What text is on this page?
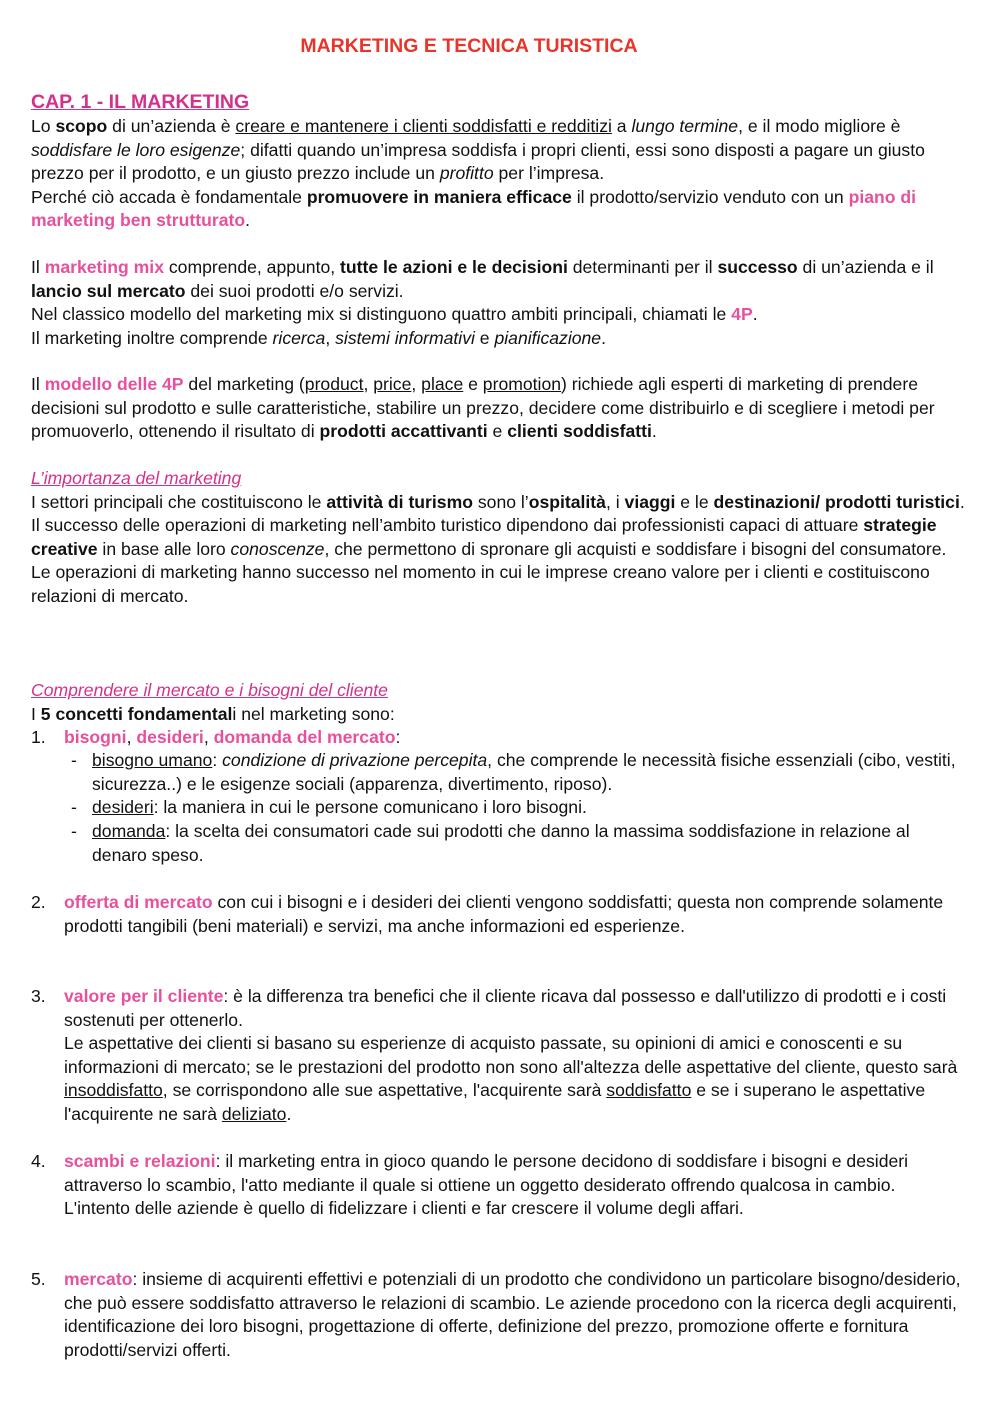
MARKETING E TECNICA TURISTICA
CAP. 1 - IL MARKETING

Lo scopo di un’azienda è creare e mantenere i clienti soddisfatti e redditizi a lungo termine, e il modo migliore è soddisfare le loro esigenze; difatti quando un’impresa soddisfa i propri clienti, essi sono disposti a pagare un giusto prezzo per il prodotto, e un giusto prezzo include un profitto per l’impresa.
Perché ciò accada è fondamentale promuovere in maniera efficace il prodotto/servizio venduto con un piano di marketing ben strutturato.

Il marketing mix comprende, appunto, tutte le azioni e le decisioni determinanti per il successo di un’azienda e il lancio sul mercato dei suoi prodotti e/o servizi.
Nel classico modello del marketing mix si distinguono quattro ambiti principali, chiamati le 4P.
Il marketing inoltre comprende ricerca, sistemi informativi e pianificazione.

Il modello delle 4P del marketing (product, price, place e promotion) richiede agli esperti di marketing di prendere decisioni sul prodotto e sulle caratteristiche, stabilire un prezzo, decidere come distribuirlo e di scegliere i metodi per promuoverlo, ottenendo il risultato di prodotti accattivanti e clienti soddisfatti.

L’importanza del marketing
I settori principali che costituiscono le attività di turismo sono l’ospitalità, i viaggi e le destinazioni/ prodotti turistici.
Il successo delle operazioni di marketing nell’ambito turistico dipendono dai professionisti capaci di attuare strategie creative in base alle loro conoscenze, che permettono di spronare gli acquisti e soddisfare i bisogni del consumatore.
Le operazioni di marketing hanno successo nel momento in cui le imprese creano valore per i clienti e costituiscono relazioni di mercato.

Comprendere il mercato e i bisogni del cliente
I 5 concetti fondamentali nel marketing sono:

1.	bisogni, desideri, domanda del mercato:

- bisogno umano: condizione di privazione percepita, che comprende le necessità fisiche essenziali (cibo, vestiti, sicurezza..) e le esigenze sociali (apparenza, divertimento, riposo).

- desideri: la maniera in cui le persone comunicano i loro bisogni.

- domanda: la scelta dei consumatori cade sui prodotti che danno la massima soddisfazione in relazione al denaro speso.

2.	offerta di mercato con cui i bisogni e i desideri dei clienti vengono soddisfatti; questa non comprende solamente prodotti tangibili (beni materiali) e servizi, ma anche informazioni ed esperienze.

3.	valore per il cliente: è la differenza tra benefici che il cliente ricava dal possesso e dall'utilizzo di prodotti e i costi sostenuti per ottenerlo.
Le aspettative dei clienti si basano su esperienze di acquisto passate, su opinioni di amici e conoscenti e su informazioni di mercato; se le prestazioni del prodotto non sono all'altezza delle aspettative del cliente, questo sarà insoddisfatto, se corrispondono alle sue aspettative, l'acquirente sarà soddisfatto e se i superano le aspettative l'acquirente ne sarà deliziato.

4.	scambi e relazioni: il marketing entra in gioco quando le persone decidono di soddisfare i bisogni e desideri attraverso lo scambio, l'atto mediante il quale si ottiene un oggetto desiderato offrendo qualcosa in cambio. L'intento delle aziende è quello di fidelizzare i clienti e far crescere il volume degli affari.

5.	mercato: insieme di acquirenti effettivi e potenziali di un prodotto che condividono un particolare bisogno/desiderio, che può essere soddisfatto attraverso le relazioni di scambio. Le aziende procedono con la ricerca degli acquirenti, identificazione dei loro bisogni, progettazione di offerte, definizione del prezzo, promozione offerte e fornitura prodotti/servizi offerti.
